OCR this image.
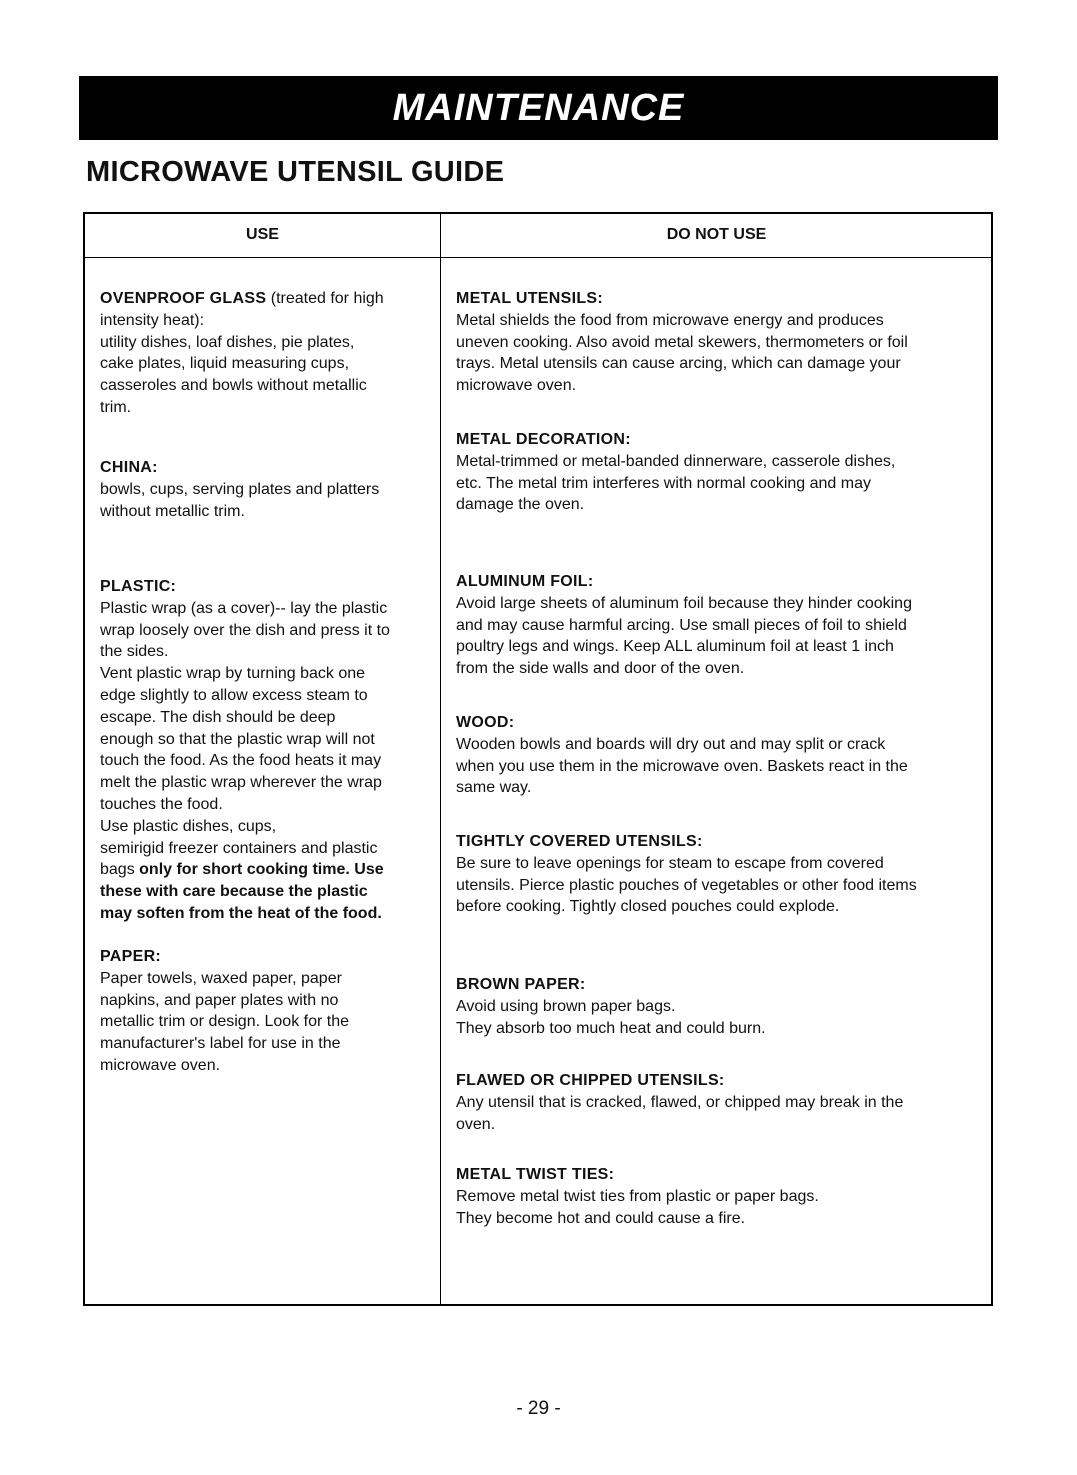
MAINTENANCE
MICROWAVE UTENSIL GUIDE
USE	DO NOT USE
OVENPROOF GLASS (treated for high
intensity heat):
utility dishes, loaf dishes, pie plates,
cake plates, liquid measuring cups,
casseroles and bowls without metallic
trim.
CHINA:
bowls, cups, serving plates and platters
without metallic trim.
PLASTIC:
Plastic wrap (as a cover)-- lay the plastic
wrap loosely over the dish and press it to
the sides.
Vent plastic wrap by turning back one
edge slightly to allow excess steam to
escape. The dish should be deep
enough so that the plastic wrap will not
touch the food. As the food heats it may
melt the plastic wrap wherever the wrap
touches the food.
Use plastic dishes, cups,
semirigid freezer containers and plastic
bags only for short cooking time. Use
these with care because the plastic
may soften from the heat of the food.
PAPER:
Paper towels, waxed paper, paper
napkins, and paper plates with no
metallic trim or design. Look for the
manufacturer's label for use in the
microwave oven.
METAL UTENSILS:
Metal shields the food from microwave energy and produces
uneven cooking. Also avoid metal skewers, thermometers or foil
trays. Metal utensils can cause arcing, which can damage your
microwave oven.
METAL DECORATION:
Metal-trimmed or metal-banded dinnerware, casserole dishes,
etc. The metal trim interferes with normal cooking and may
damage the oven.
ALUMINUM FOIL:
Avoid large sheets of aluminum foil because they hinder cooking
and may cause harmful arcing. Use small pieces of foil to shield
poultry legs and wings. Keep ALL aluminum foil at least 1 inch
from the side walls and door of the oven.
WOOD:
Wooden bowls and boards will dry out and may split or crack
when you use them in the microwave oven. Baskets react in the
same way.
TIGHTLY COVERED UTENSILS:
Be sure to leave openings for steam to escape from covered
utensils. Pierce plastic pouches of vegetables or other food items
before cooking. Tightly closed pouches could explode.
BROWN PAPER:
Avoid using brown paper bags.
They absorb too much heat and could burn.
FLAWED OR CHIPPED UTENSILS:
Any utensil that is cracked, flawed, or chipped may break in the
oven.
METAL TWIST TIES:
Remove metal twist ties from plastic or paper bags.
They become hot and could cause a fire.
- 29 -
